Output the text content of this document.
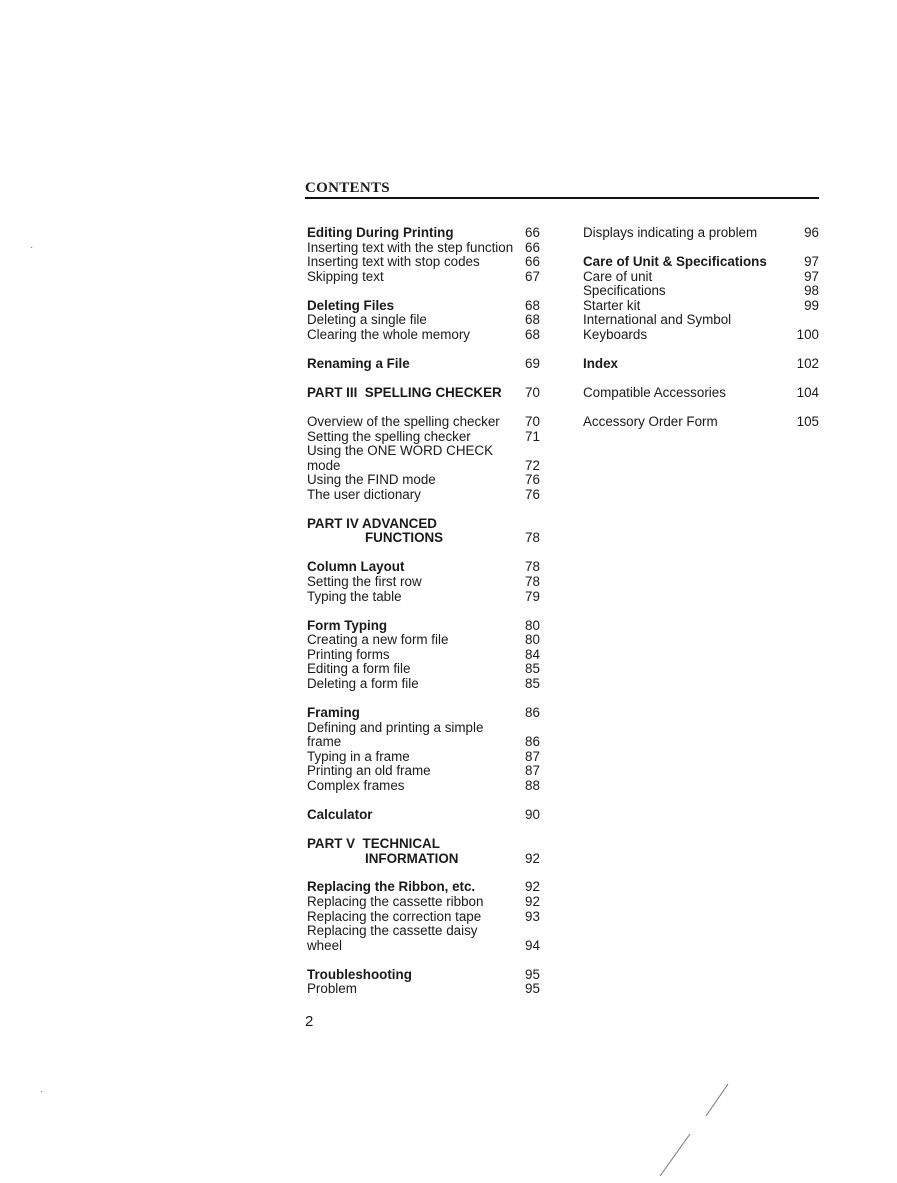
CONTENTS
Editing During Printing	66
Inserting text with the step function 66
Inserting text with stop codes	66
Skipping text	67
Deleting Files	68
Deleting a single file	68
Clearing the whole memory	68
Renaming a File	69
PART III  SPELLING CHECKER 70
Overview of the spelling checker 70
Setting the spelling checker	71
Using the ONE WORD CHECK
mode	72
Using the FIND mode	76
The user dictionary	76
PART IV ADVANCED
FUNCTIONS	78
Column Layout	78
Setting the first row	78
Typing the table	79
Form Typing	80
Creating a new form file	80
Printing forms	84
Editing a form file	85
Deleting a form file	85
Framing	86
Defining and printing a simple
frame	86
Typing in a frame	87
Printing an old frame	87
Complex frames	88
Calculator	90
PART V  TECHNICAL
INFORMATION	92
Replacing the Ribbon, etc.	92
Replacing the cassette ribbon	92
Replacing the correction tape	93
Replacing the cassette daisy
wheel	94
Troubleshooting	95
Problem	95
Displays indicating a problem	96
Care of Unit & Specifications	97
Care of unit	97
Specifications	98
Starter kit	99
International and Symbol
Keyboards	100
Index	102
Compatible Accessories	104
Accessory Order Form	105
2
·
·
